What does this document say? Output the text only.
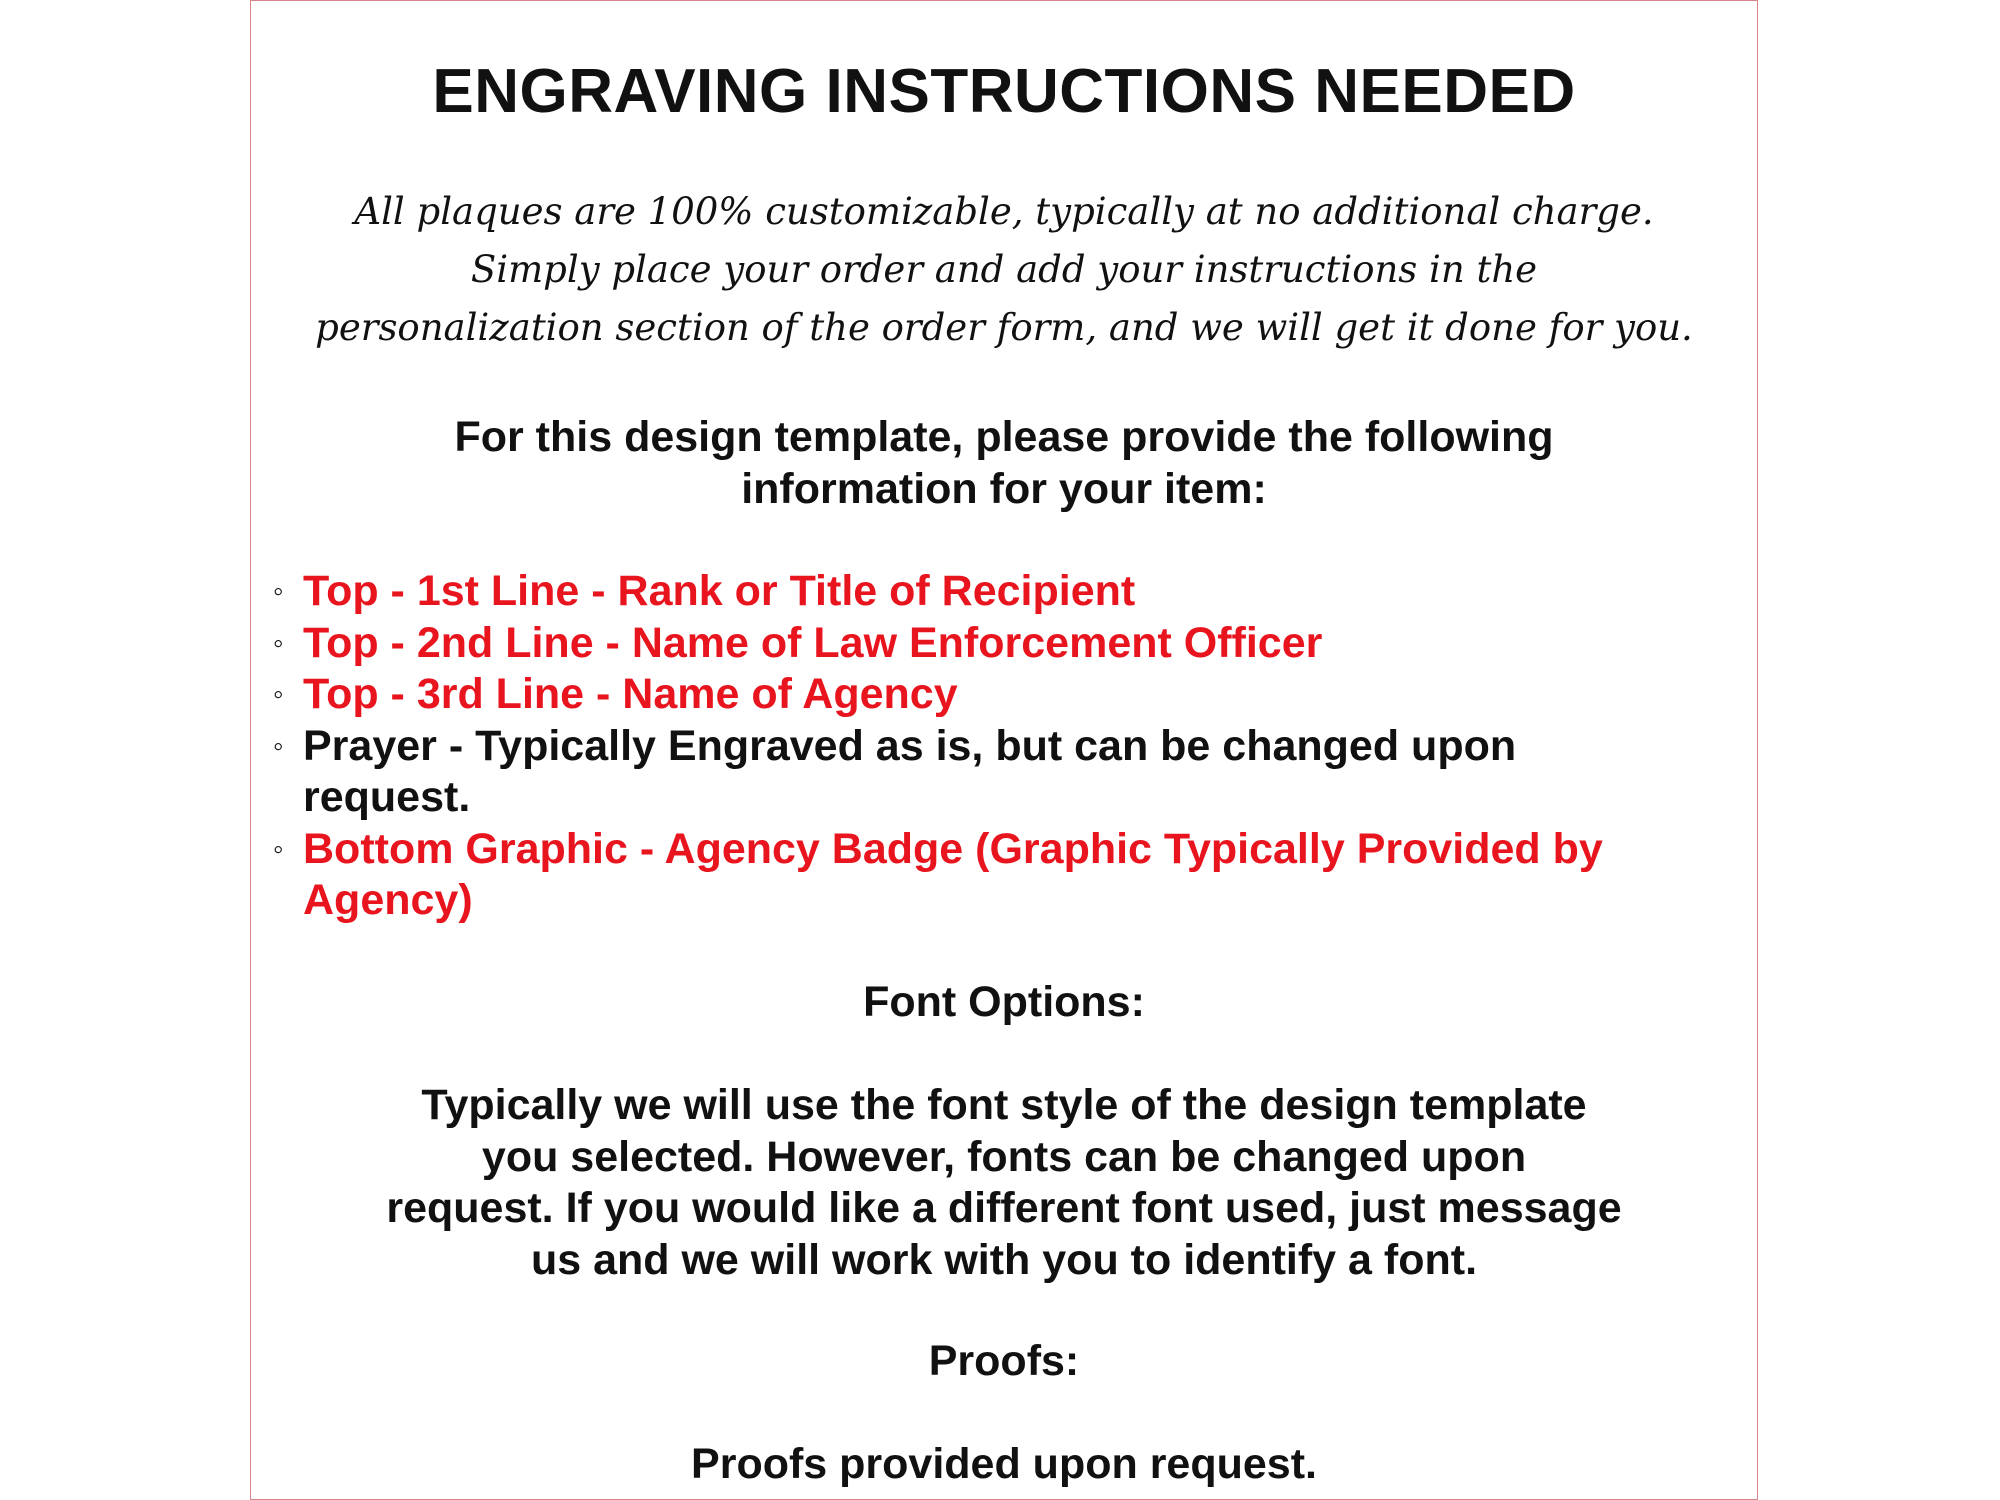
ENGRAVING INSTRUCTIONS NEEDED
All plaques are 100% customizable, typically at no additional charge.
Simply place your order and add your instructions in the
personalization section of the order form, and we will get it done for you.
For this design template, please provide the following
information for your item:
◦ Top - 1st Line - Rank or Title of Recipient
◦ Top - 2nd Line - Name of Law Enforcement Officer
◦ Top - 3rd Line - Name of Agency
◦ Prayer - Typically Engraved as is, but can be changed upon
request.
◦ Bottom Graphic - Agency Badge (Graphic Typically Provided by
Agency)
Font Options:
Typically we will use the font style of the design template
you selected. However, fonts can be changed upon
request. If you would like a different font used, just message
us and we will work with you to identify a font.
Proofs:
Proofs provided upon request.
